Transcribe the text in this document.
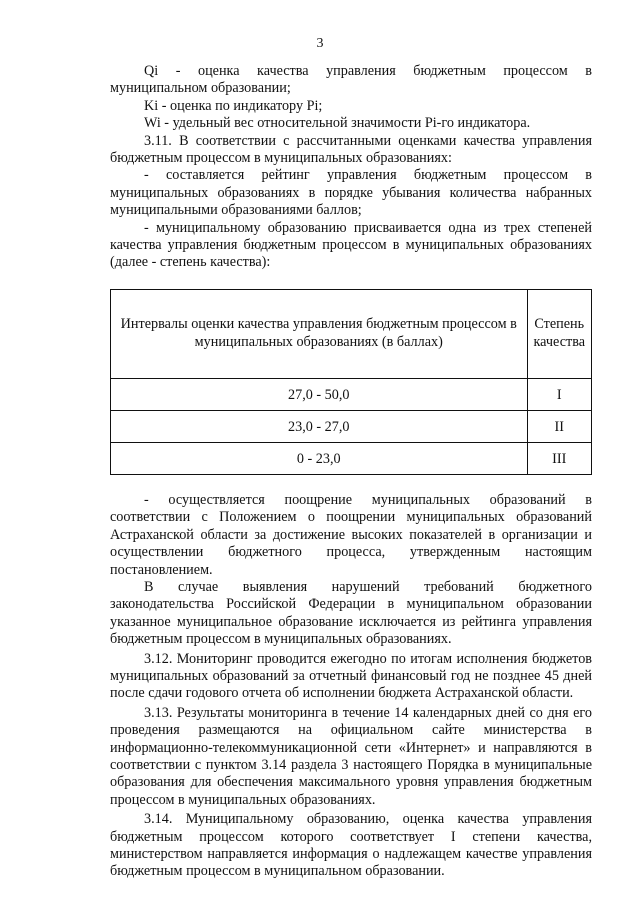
3

Qi - оценка качества управления бюджетным процессом в муниципальном образовании;

Ki - оценка по индикатору Pi;

Wi - удельный вес относительной значимости Pi-го индикатора.

3.11. В соответствии с рассчитанными оценками качества управления бюджетным процессом в муниципальных образованиях:

- составляется рейтинг управления бюджетным процессом в муниципальных образованиях в порядке убывания количества набранных муниципальными образованиями баллов;

- муниципальному образованию присваивается одна из трех степеней качества управления бюджетным процессом в муниципальных образованиях (далее - степень качества):

Интервалы оценки качества управления бюджетным процессом в муниципальных образованиях (в баллах)	Степень качества
27,0 - 50,0	I
23,0 - 27,0	II
0 - 23,0	III

- осуществляется поощрение муниципальных образований в соответствии с Положением о поощрении муниципальных образований Астраханской области за достижение высоких показателей в организации и осуществлении бюджетного процесса, утвержденным настоящим постановлением.

В случае выявления нарушений требований бюджетного законодательства Российской Федерации в муниципальном образовании указанное муниципальное образование исключается из рейтинга управления бюджетным процессом в муниципальных образованиях.

3.12. Мониторинг проводится ежегодно по итогам исполнения бюджетов муниципальных образований за отчетный финансовый год не позднее 45 дней после сдачи годового отчета об исполнении бюджета Астраханской области.

3.13. Результаты мониторинга в течение 14 календарных дней со дня его проведения размещаются на официальном сайте министерства в информационно-телекоммуникационной сети «Интернет» и направляются в соответствии с пунктом 3.14 раздела 3 настоящего Порядка в муниципальные образования для обеспечения максимального уровня управления бюджетным процессом в муниципальных образованиях.

3.14. Муниципальному образованию, оценка качества управления бюджетным процессом которого соответствует I степени качества, министерством направляется информация о надлежащем качестве управления бюджетным процессом в муниципальном образовании.
